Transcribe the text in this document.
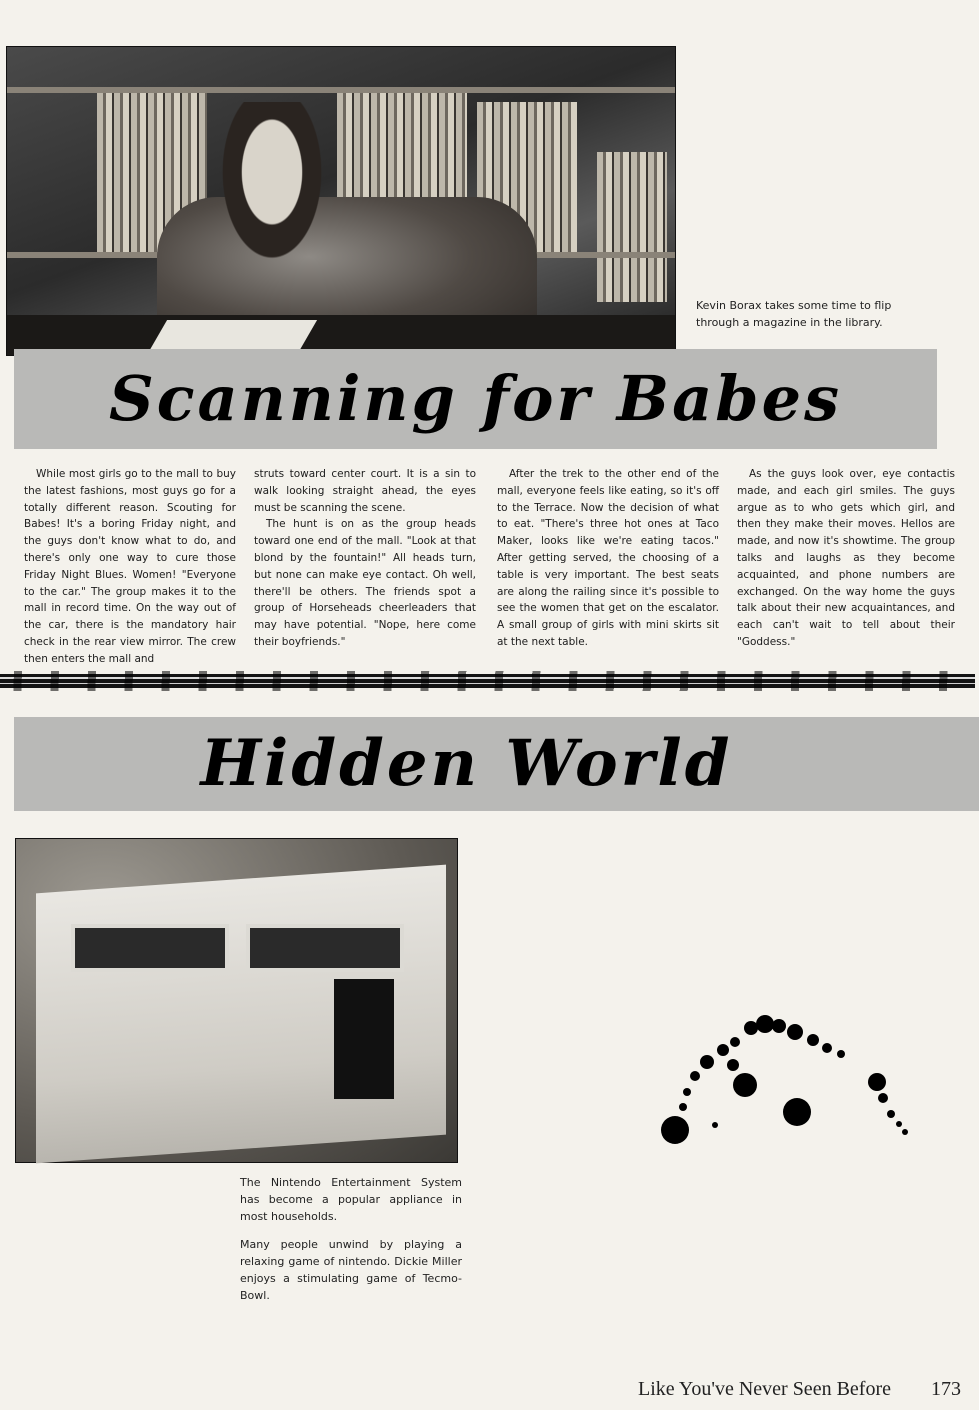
Kevin Borax takes some time to flip through a magazine in the library.
Scanning for Babes

While most girls go to the mall to buy the latest fashions, most guys go for a totally different reason. Scouting for Babes! It's a boring Friday night, and the guys don't know what to do, and there's only one way to cure those Friday Night Blues. Women! "Everyone to the car." The group makes it to the mall in record time. On the way out of the car, there is the mandatory hair check in the rear view mirror. The crew then enters the mall and

struts toward center court. It is a sin to walk looking straight ahead, the eyes must be scanning the scene.

The hunt is on as the group heads toward one end of the mall. "Look at that blond by the fountain!" All heads turn, but none can make eye contact. Oh well, there'll be others. The friends spot a group of Horseheads cheerleaders that may have potential. "Nope, here come their boyfriends."

After the trek to the other end of the mall, everyone feels like eating, so it's off to the Terrace. Now the decision of what to eat. "There's three hot ones at Taco Maker, looks like we're eating tacos." After getting served, the choosing of a table is very important. The best seats are along the railing since it's possible to see the women that get on the escalator. A small group of girls with mini skirts sit at the next table.

As the guys look over, eye contactis made, and each girl smiles. The guys argue as to who gets which girl, and then they make their moves. Hellos are made, and now it's showtime. The group talks and laughs as they become acquainted, and phone numbers are exchanged. On the way home the guys talk about their new acquaintances, and each can't wait to tell about their "Goddess."

Hidden World
The Nintendo Entertainment System has become a popular appliance in most households.
Many people unwind by playing a relaxing game of nintendo. Dickie Miller enjoys a stimulating game of Tecmo-Bowl.
Like You've Never Seen Before 173
